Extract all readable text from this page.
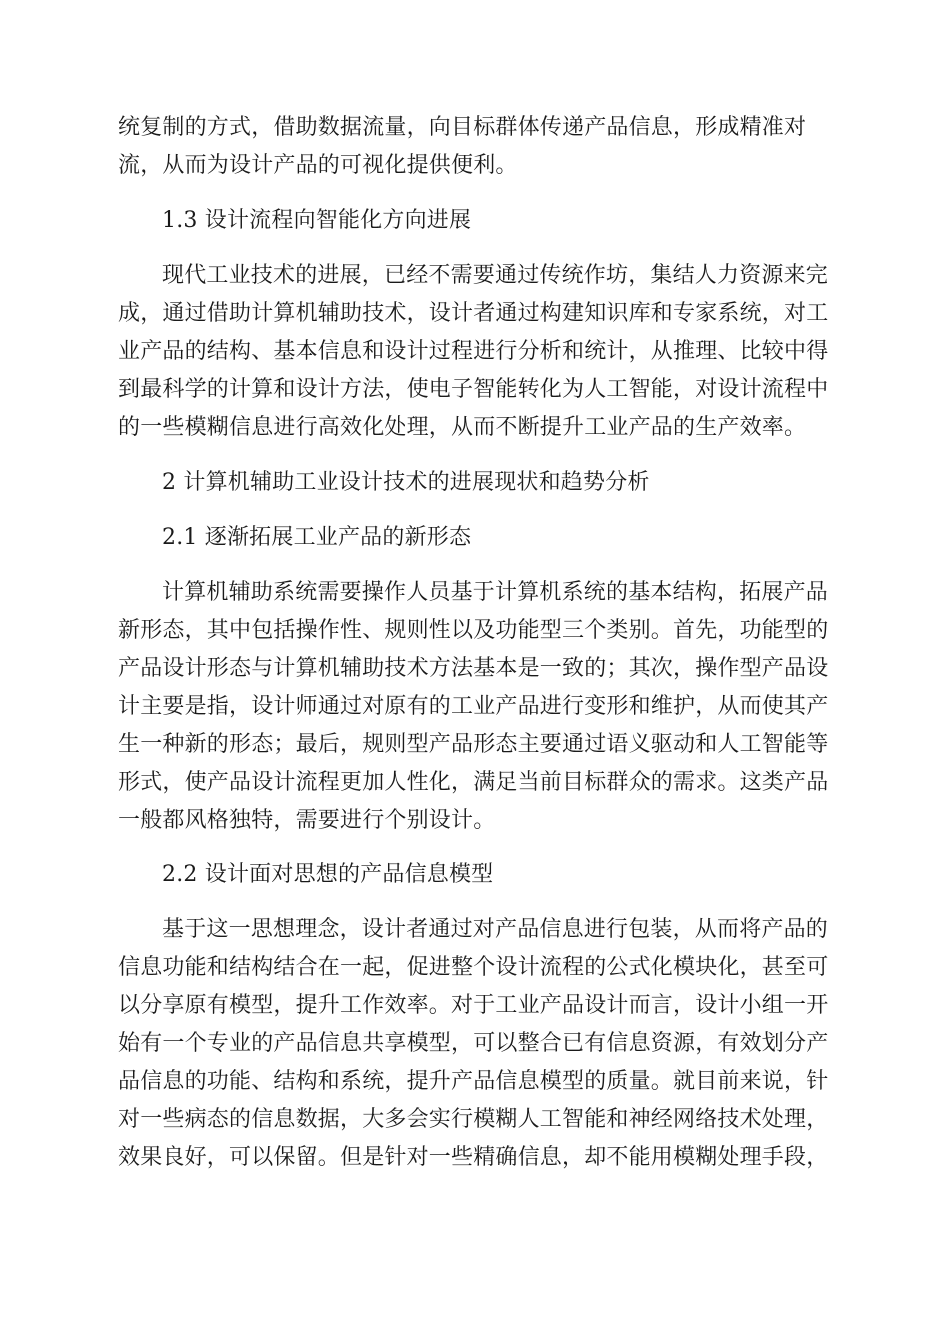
统复制的方式，借助数据流量，向目标群体传递产品信息，形成精准对
流，从而为设计产品的可视化提供便利。
1.3 设计流程向智能化方向进展
现代工业技术的进展，已经不需要通过传统作坊，集结人力资源来完
成，通过借助计算机辅助技术，设计者通过构建知识库和专家系统，对工
业产品的结构、基本信息和设计过程进行分析和统计，从推理、比较中得
到最科学的计算和设计方法，使电子智能转化为人工智能，对设计流程中
的一些模糊信息进行高效化处理，从而不断提升工业产品的生产效率。
2 计算机辅助工业设计技术的进展现状和趋势分析
2.1 逐渐拓展工业产品的新形态
计算机辅助系统需要操作人员基于计算机系统的基本结构，拓展产品
新形态，其中包括操作性、规则性以及功能型三个类别。首先，功能型的
产品设计形态与计算机辅助技术方法基本是一致的；其次，操作型产品设
计主要是指，设计师通过对原有的工业产品进行变形和维护，从而使其产
生一种新的形态；最后，规则型产品形态主要通过语义驱动和人工智能等
形式，使产品设计流程更加人性化，满足当前目标群众的需求。这类产品
一般都风格独特，需要进行个别设计。
2.2 设计面对思想的产品信息模型
基于这一思想理念，设计者通过对产品信息进行包装，从而将产品的
信息功能和结构结合在一起，促进整个设计流程的公式化模块化，甚至可
以分享原有模型，提升工作效率。对于工业产品设计而言，设计小组一开
始有一个专业的产品信息共享模型，可以整合已有信息资源，有效划分产
品信息的功能、结构和系统，提升产品信息模型的质量。就目前来说，针
对一些病态的信息数据，大多会实行模糊人工智能和神经网络技术处理，
效果良好，可以保留。但是针对一些精确信息，却不能用模糊处理手段，
